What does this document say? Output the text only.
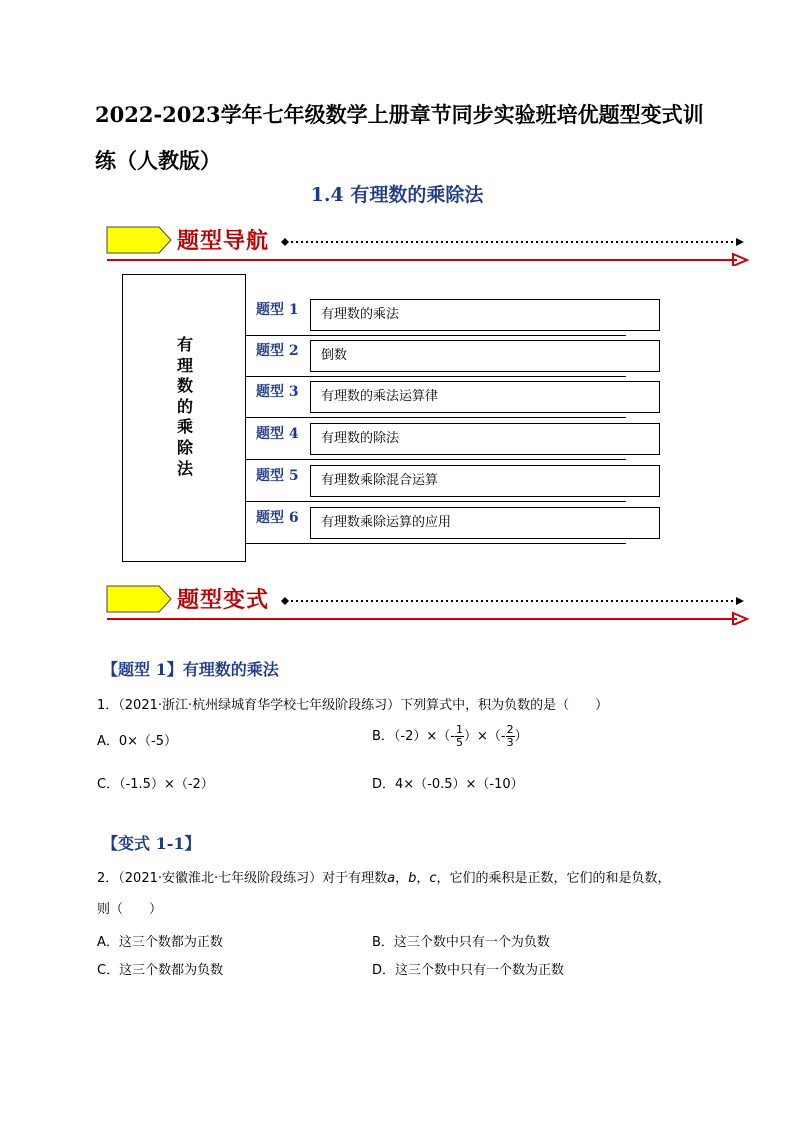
2022-2023学年七年级数学上册章节同步实验班培优题型变式训
练（人教版）
1.4 有理数的乘除法
题型导航
有
理
数
的
乘
除
法
题型 1	有理数的乘法
题型 2	倒数
题型 3	有理数的乘法运算律
题型 4	有理数的除法
题型 5	有理数乘除混合运算
题型 6	有理数乘除运算的应用
题型变式
【题型 1】有理数的乘法
1．（2021·浙江·杭州绿城育华学校七年级阶段练习）下列算式中，积为负数的是（　　）
A．0×（-5）	B．$(-2)\times(- \frac{1}{5}$ ）×（- $\frac{2}{3}$ ）
C．（-1.5）×（-2）	D．4×（-0.5）×（-10）
【变式 1-1】
2．（2021·安徽淮北·七年级阶段练习）对于有理数a，b，c，它们的乘积是正数，它们的和是负数，
则（　　）
A．这三个数都为正数	B．这三个数中只有一个为负数
C．这三个数都为负数	D．这三个数中只有一个数为正数
